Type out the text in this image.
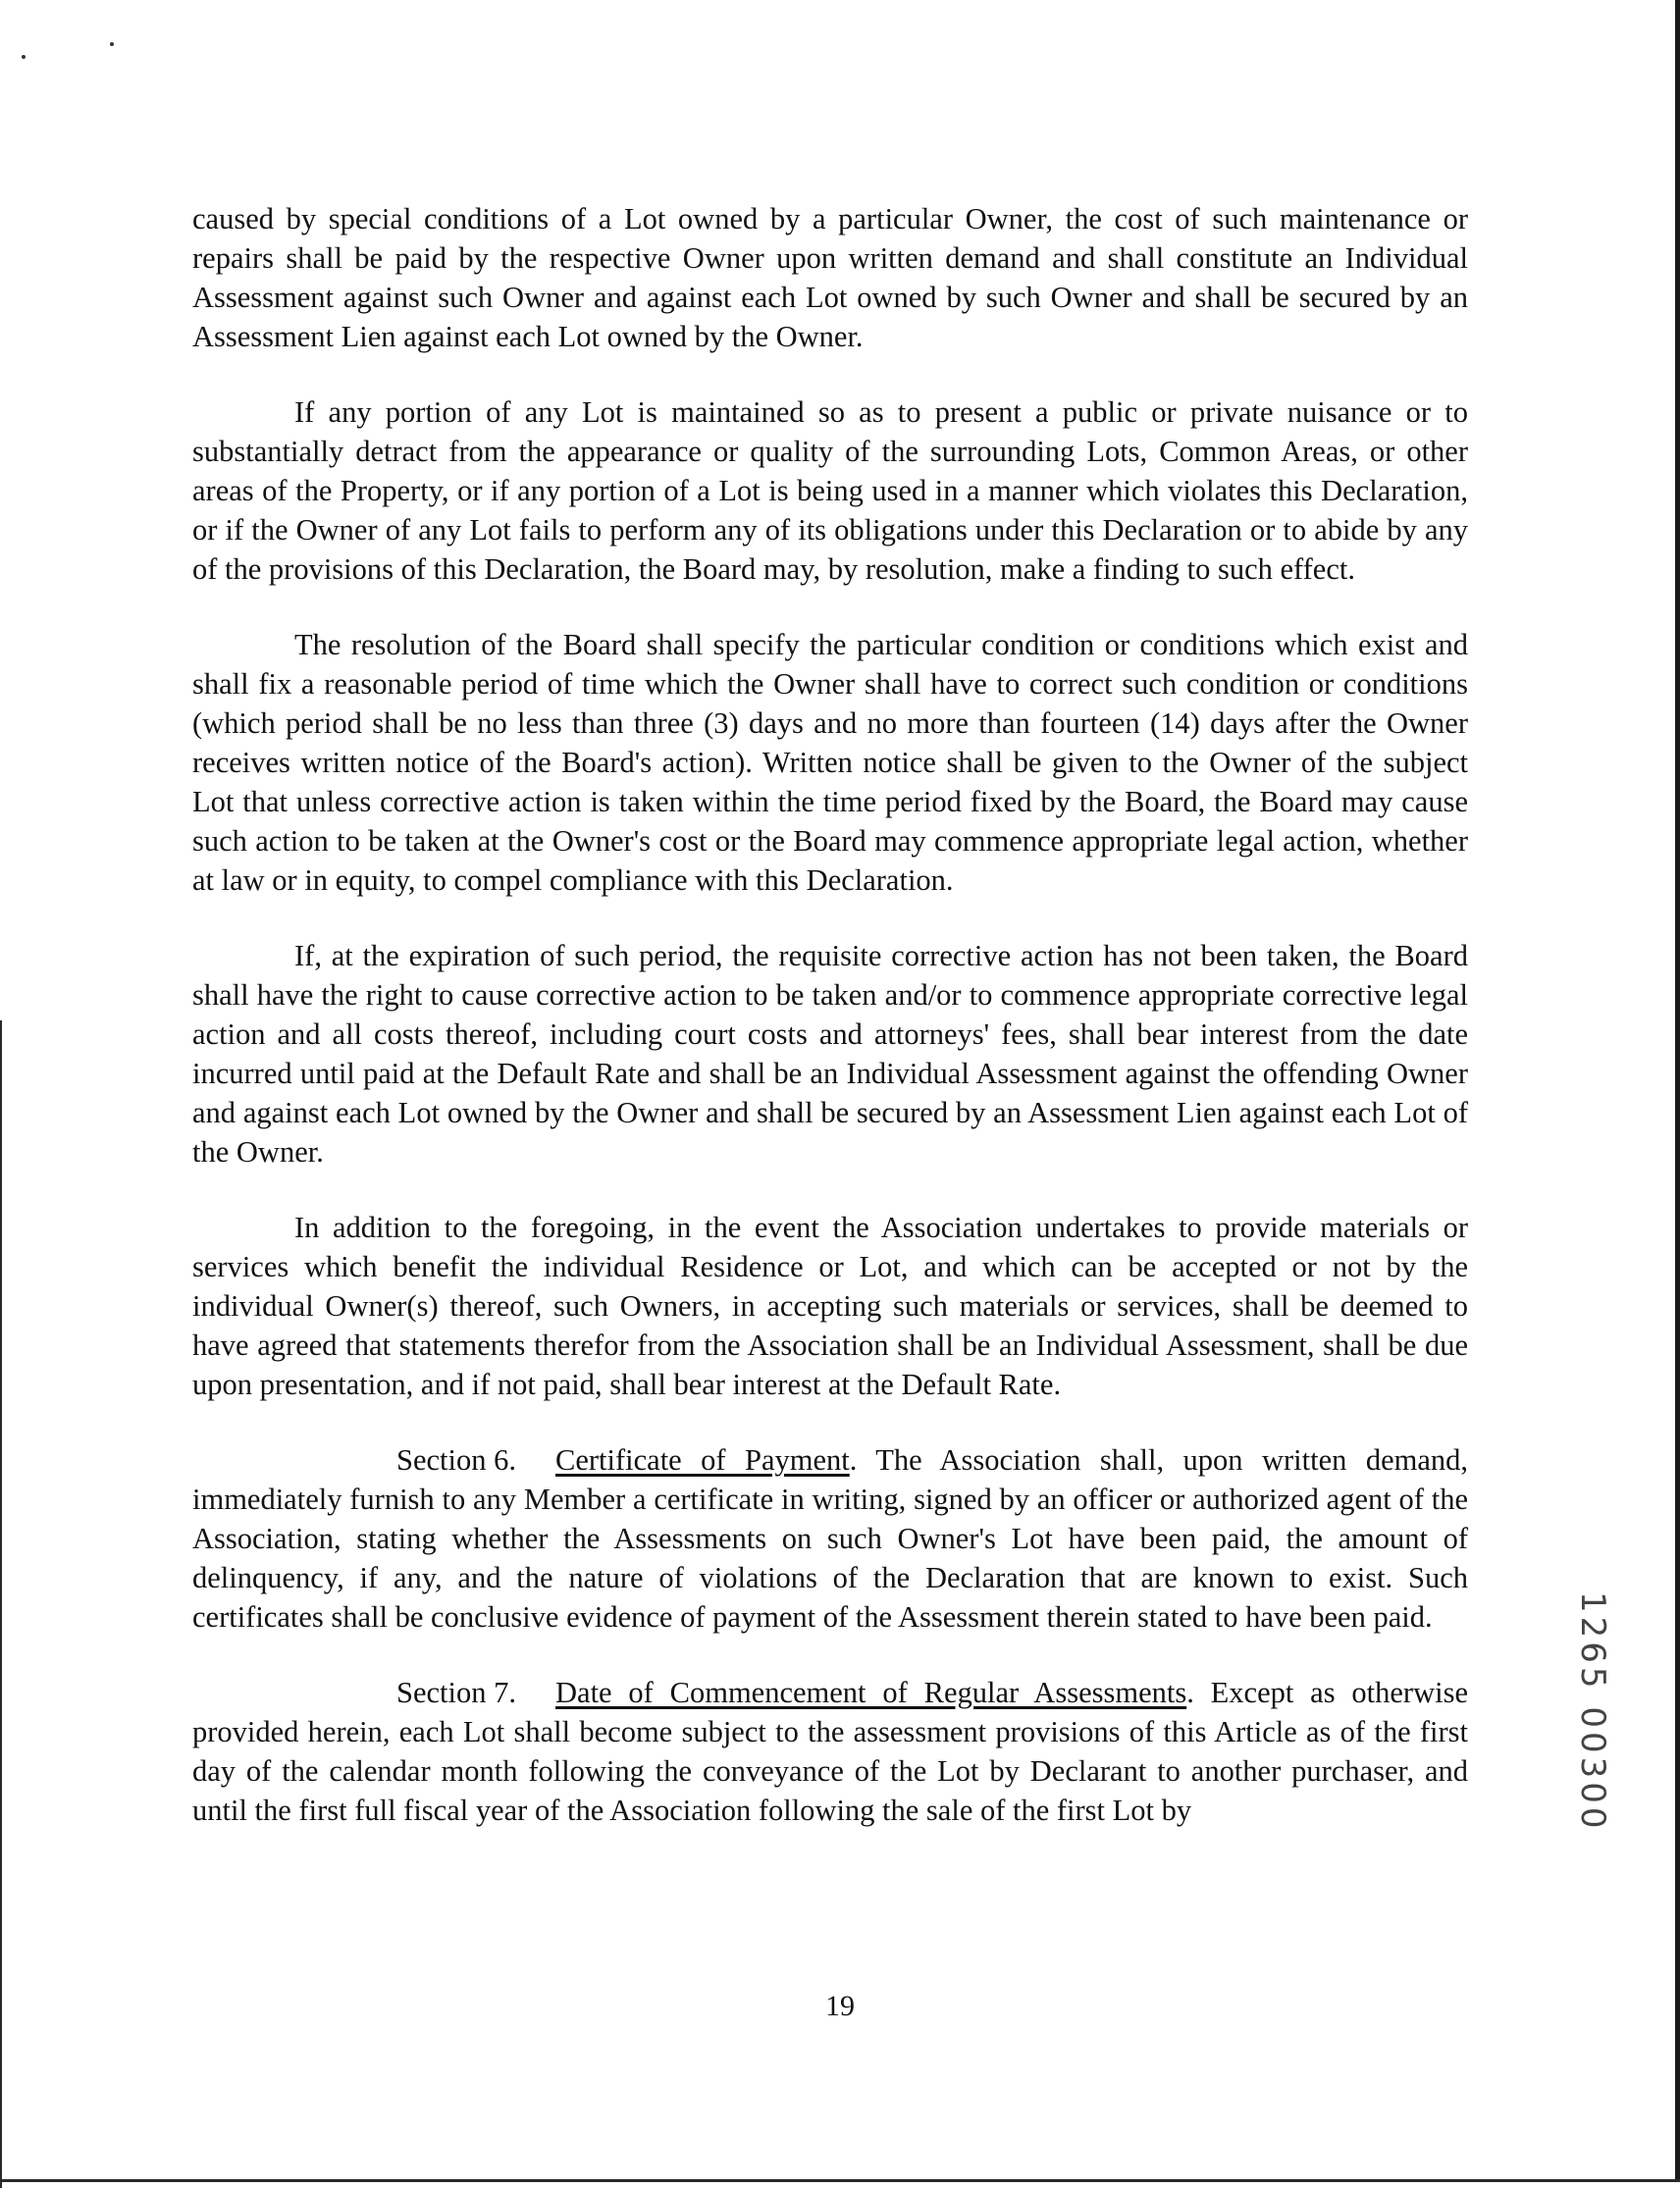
caused by special conditions of a Lot owned by a particular Owner, the cost of such maintenance or repairs shall be paid by the respective Owner upon written demand and shall constitute an Individual Assessment against such Owner and against each Lot owned by such Owner and shall be secured by an Assessment Lien against each Lot owned by the Owner.

If any portion of any Lot is maintained so as to present a public or private nuisance or to substantially detract from the appearance or quality of the surrounding Lots, Common Areas, or other areas of the Property, or if any portion of a Lot is being used in a manner which violates this Declaration, or if the Owner of any Lot fails to perform any of its obligations under this Declaration or to abide by any of the provisions of this Declaration, the Board may, by resolution, make a finding to such effect.

The resolution of the Board shall specify the particular condition or conditions which exist and shall fix a reasonable period of time which the Owner shall have to correct such condition or conditions (which period shall be no less than three (3) days and no more than fourteen (14) days after the Owner receives written notice of the Board's action). Written notice shall be given to the Owner of the subject Lot that unless corrective action is taken within the time period fixed by the Board, the Board may cause such action to be taken at the Owner's cost or the Board may commence appropriate legal action, whether at law or in equity, to compel compliance with this Declaration.

If, at the expiration of such period, the requisite corrective action has not been taken, the Board shall have the right to cause corrective action to be taken and/or to commence appropriate corrective legal action and all costs thereof, including court costs and attorneys' fees, shall bear interest from the date incurred until paid at the Default Rate and shall be an Individual Assessment against the offending Owner and against each Lot owned by the Owner and shall be secured by an Assessment Lien against each Lot of the Owner.

In addition to the foregoing, in the event the Association undertakes to provide materials or services which benefit the individual Residence or Lot, and which can be accepted or not by the individual Owner(s) thereof, such Owners, in accepting such materials or services, shall be deemed to have agreed that statements therefor from the Association shall be an Individual Assessment, shall be due upon presentation, and if not paid, shall bear interest at the Default Rate.

Section 6. Certificate of Payment. The Association shall, upon written demand, immediately furnish to any Member a certificate in writing, signed by an officer or authorized agent of the Association, stating whether the Assessments on such Owner's Lot have been paid, the amount of delinquency, if any, and the nature of violations of the Declaration that are known to exist. Such certificates shall be conclusive evidence of payment of the Assessment therein stated to have been paid.

Section 7. Date of Commencement of Regular Assessments. Except as otherwise provided herein, each Lot shall become subject to the assessment provisions of this Article as of the first day of the calendar month following the conveyance of the Lot by Declarant to another purchaser, and until the first full fiscal year of the Association following the sale of the first Lot by

19
1265 00300
